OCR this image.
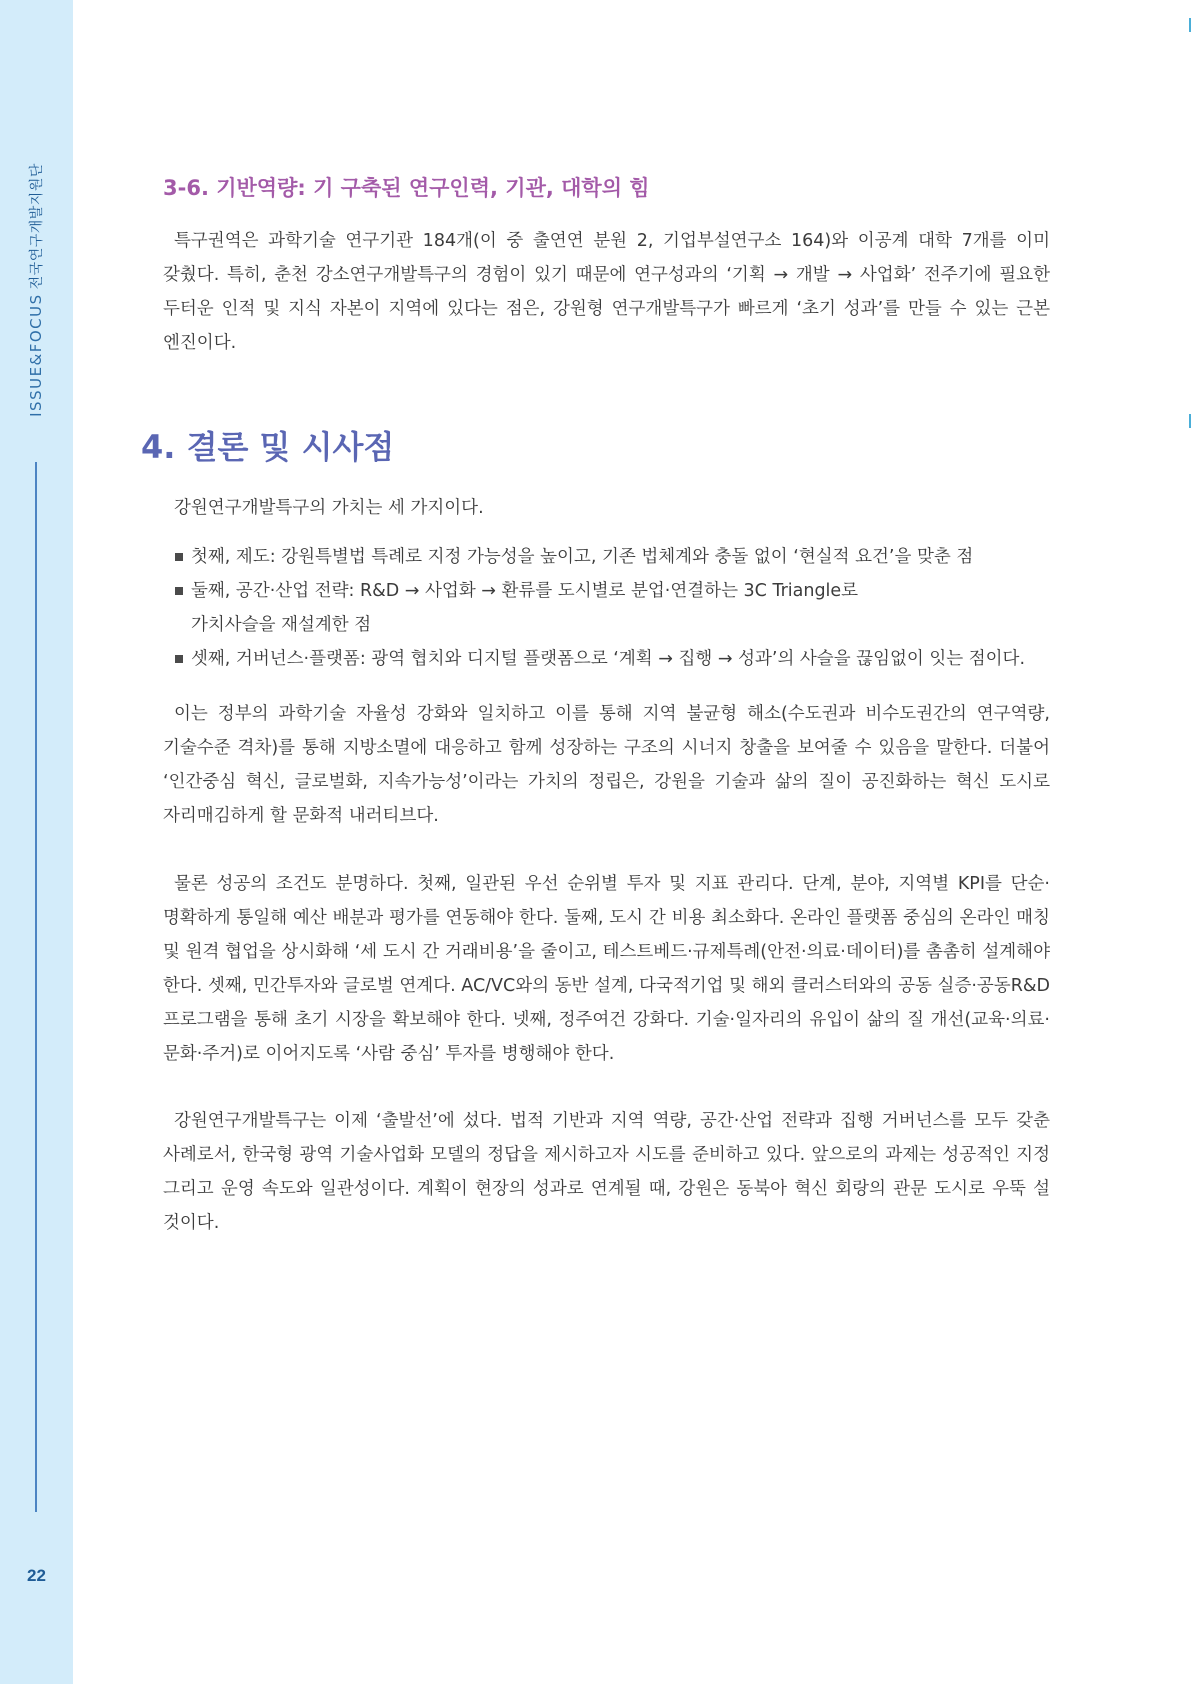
ISSUE&FOCUS전국연구개발지원단
22
3-6. 기반역량: 기 구축된 연구인력, 기관, 대학의 힘

특구권역은 과학기술 연구기관 184개(이 중 출연연 분원 2, 기업부설연구소 164)와 이공계 대학 7개를 이미 갖췄다. 특히, 춘천 강소연구개발특구의 경험이 있기 때문에 연구성과의 ‘기획 → 개발 → 사업화’ 전주기에 필요한 두터운 인적 및 지식 자본이 지역에 있다는 점은, 강원형 연구개발특구가 빠르게 ‘초기 성과’를 만들 수 있는 근본 엔진이다.

4. 결론 및 시사점

강원연구개발특구의 가치는 세 가지이다.

첫째, 제도: 강원특별법 특례로 지정 가능성을 높이고, 기존 법체계와 충돌 없이 ‘현실적 요건’을 맞춘 점
둘째, 공간·산업 전략: R&D → 사업화 → 환류를 도시별로 분업·연결하는 3C Triangle로
가치사슬을 재설계한 점
셋째, 거버넌스·플랫폼: 광역 협치와 디지털 플랫폼으로 ‘계획 → 집행 → 성과’의 사슬을 끊임없이 잇는 점이다.

이는 정부의 과학기술 자율성 강화와 일치하고 이를 통해 지역 불균형 해소(수도권과 비수도권간의 연구역량, 기술수준 격차)를 통해 지방소멸에 대응하고 함께 성장하는 구조의 시너지 창출을 보여줄 수 있음을 말한다. 더불어 ‘인간중심 혁신, 글로벌화, 지속가능성’이라는 가치의 정립은, 강원을 기술과 삶의 질이 공진화하는 혁신 도시로 자리매김하게 할 문화적 내러티브다.

물론 성공의 조건도 분명하다. 첫째, 일관된 우선 순위별 투자 및 지표 관리다. 단계, 분야, 지역별 KPI를 단순·명확하게 통일해 예산 배분과 평가를 연동해야 한다. 둘째, 도시 간 비용 최소화다. 온라인 플랫폼 중심의 온라인 매칭 및 원격 협업을 상시화해 ‘세 도시 간 거래비용’을 줄이고, 테스트베드·규제특례(안전·의료·데이터)를 촘촘히 설계해야 한다. 셋째, 민간투자와 글로벌 연계다. AC/VC와의 동반 설계, 다국적기업 및 해외 클러스터와의 공동 실증·공동R&D 프로그램을 통해 초기 시장을 확보해야 한다. 넷째, 정주여건 강화다. 기술·일자리의 유입이 삶의 질 개선(교육·의료·문화·주거)로 이어지도록 ‘사람 중심’ 투자를 병행해야 한다.

강원연구개발특구는 이제 ‘출발선’에 섰다. 법적 기반과 지역 역량, 공간·산업 전략과 집행 거버넌스를 모두 갖춘 사례로서, 한국형 광역 기술사업화 모델의 정답을 제시하고자 시도를 준비하고 있다. 앞으로의 과제는 성공적인 지정 그리고 운영 속도와 일관성이다. 계획이 현장의 성과로 연계될 때, 강원은 동북아 혁신 회랑의 관문 도시로 우뚝 설 것이다.
